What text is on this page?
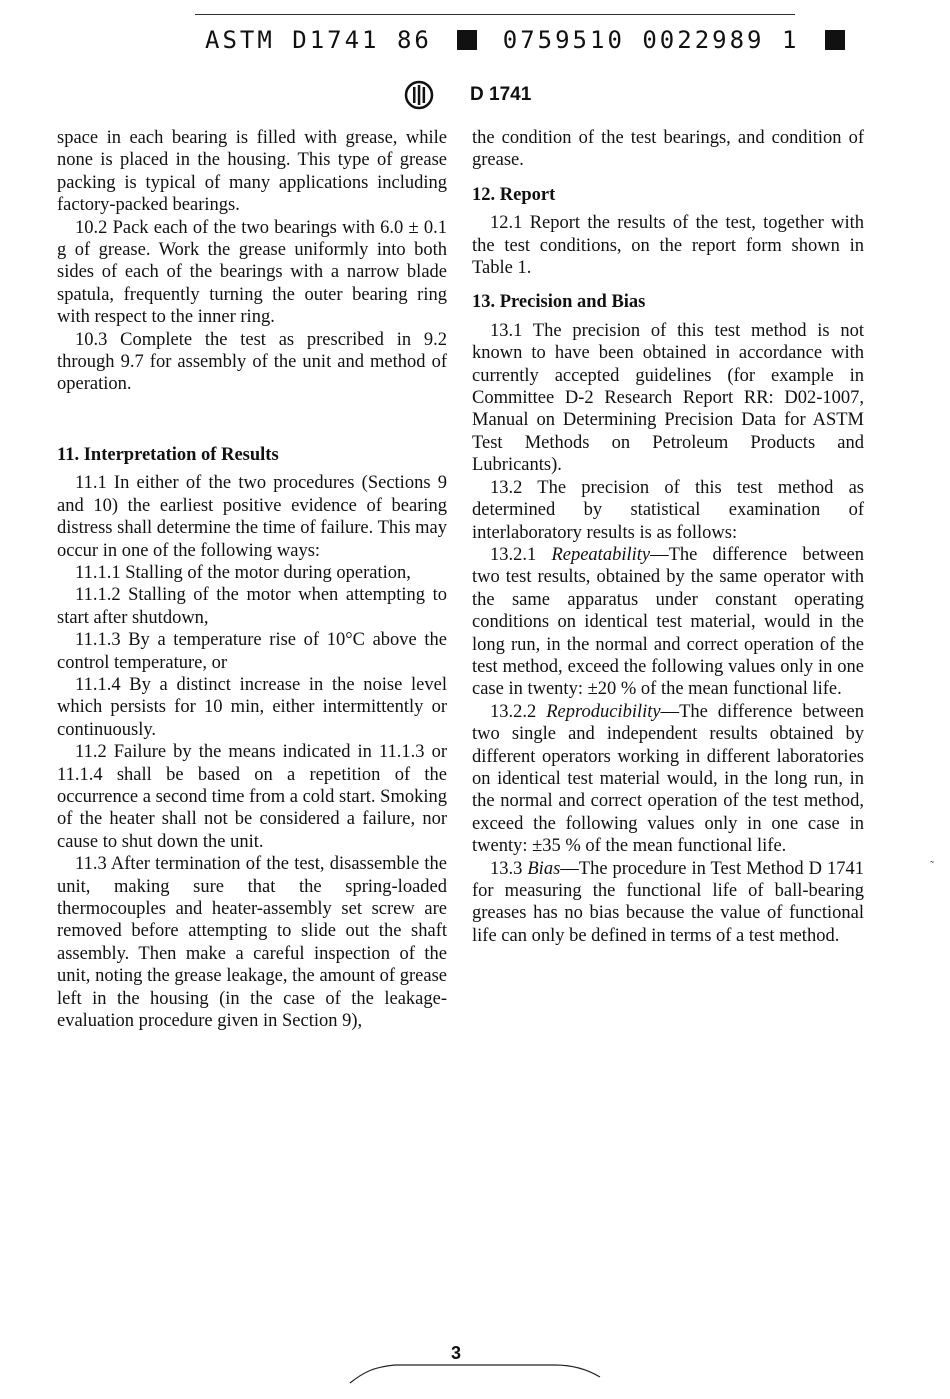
ASTM D1741 86	0759510 0022989 1
D 1741

space in each bearing is filled with grease, while none is placed in the housing. This type of grease packing is typical of many applications including factory-packed bearings.

10.2 Pack each of the two bearings with 6.0 ± 0.1 g of grease. Work the grease uniformly into both sides of each of the bearings with a narrow blade spatula, frequently turning the outer bearing ring with respect to the inner ring.

10.3 Complete the test as prescribed in 9.2 through 9.7 for assembly of the unit and method of operation.

11. Interpretation of Results

11.1 In either of the two procedures (Sections 9 and 10) the earliest positive evidence of bearing distress shall determine the time of failure. This may occur in one of the following ways:

11.1.1 Stalling of the motor during operation,

11.1.2 Stalling of the motor when attempting to start after shutdown,

11.1.3 By a temperature rise of 10°C above the control temperature, or

11.1.4 By a distinct increase in the noise level which persists for 10 min, either intermittently or continuously.

11.2 Failure by the means indicated in 11.1.3 or 11.1.4 shall be based on a repetition of the occurrence a second time from a cold start. Smoking of the heater shall not be considered a failure, nor cause to shut down the unit.

11.3 After termination of the test, disassemble the unit, making sure that the spring-loaded thermocouples and heater-assembly set screw are removed before attempting to slide out the shaft assembly. Then make a careful inspection of the unit, noting the grease leakage, the amount of grease left in the housing (in the case of the leakage-evaluation procedure given in Section 9),

the condition of the test bearings, and condition of grease.

12. Report

12.1 Report the results of the test, together with the test conditions, on the report form shown in Table 1.

13. Precision and Bias

13.1 The precision of this test method is not known to have been obtained in accordance with currently accepted guidelines (for example in Committee D-2 Research Report RR: D02-1007, Manual on Determining Precision Data for ASTM Test Methods on Petroleum Products and Lubricants).

13.2 The precision of this test method as determined by statistical examination of interlaboratory results is as follows:

13.2.1 Repeatability—The difference between two test results, obtained by the same operator with the same apparatus under constant operating conditions on identical test material, would in the long run, in the normal and correct operation of the test method, exceed the following values only in one case in twenty: ±20 % of the mean functional life.

13.2.2 Reproducibility—The difference between two single and independent results obtained by different operators working in different laboratories on identical test material would, in the long run, in the normal and correct operation of the test method, exceed the following values only in one case in twenty: ±35 % of the mean functional life.

13.3 Bias—The procedure in Test Method D 1741 for measuring the functional life of ball-bearing greases has no bias because the value of functional life can only be defined in terms of a test method.

˜
3
